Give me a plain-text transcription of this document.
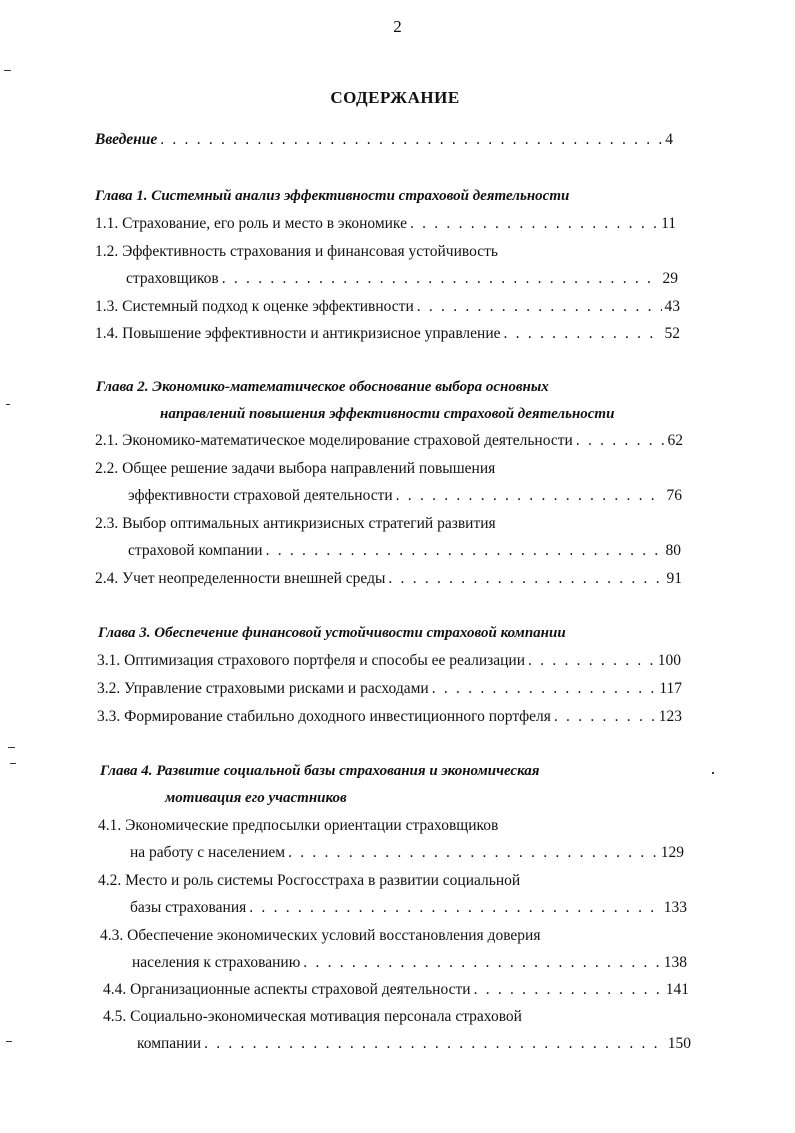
2
СОДЕРЖАНИЕ
Введение . . .	4
Глава 1. Системный анализ эффективности страховой деятельности
1.1. Страхование, его роль и место в экономике . . .	11
1.2. Эффективность страхования и финансовая устойчивость
страховщиков . . .	29
1.3. Системный подход к оценке эффективности . . .	43
1.4. Повышение эффективности и антикризисное управление . . .	52
Глава 2. Экономико-математическое обоснование выбора основных
направлений повышения эффективности страховой деятельности
2.1. Экономико-математическое моделирование страховой деятельности . . .	62
2.2. Общее решение задачи выбора направлений повышения
эффективности страховой деятельности . . .	76
2.3. Выбор оптимальных антикризисных стратегий развития
страховой компании . . .	80
2.4. Учет неопределенности внешней среды . . .	91
Глава 3. Обеспечение финансовой устойчивости страховой компании
3.1. Оптимизация страхового портфеля и способы ее реализации . . .	100
3.2. Управление страховыми рисками и расходами . . .	117
3.3. Формирование стабильно доходного инвестиционного портфеля . . .	123
Глава 4. Развитие социальной базы страхования и экономическая
мотивация его участников
4.1. Экономические предпосылки ориентации страховщиков
на работу с населением . . .	129
4.2. Место и роль системы Росгосстраха в развитии социальной
базы страхования . . .	133
4.3. Обеспечение экономических условий восстановления доверия
населения к страхованию . . .	138
4.4. Организационные аспекты страховой деятельности . . .	141
4.5. Социально-экономическая мотивация персонала страховой
компании . . .	150
